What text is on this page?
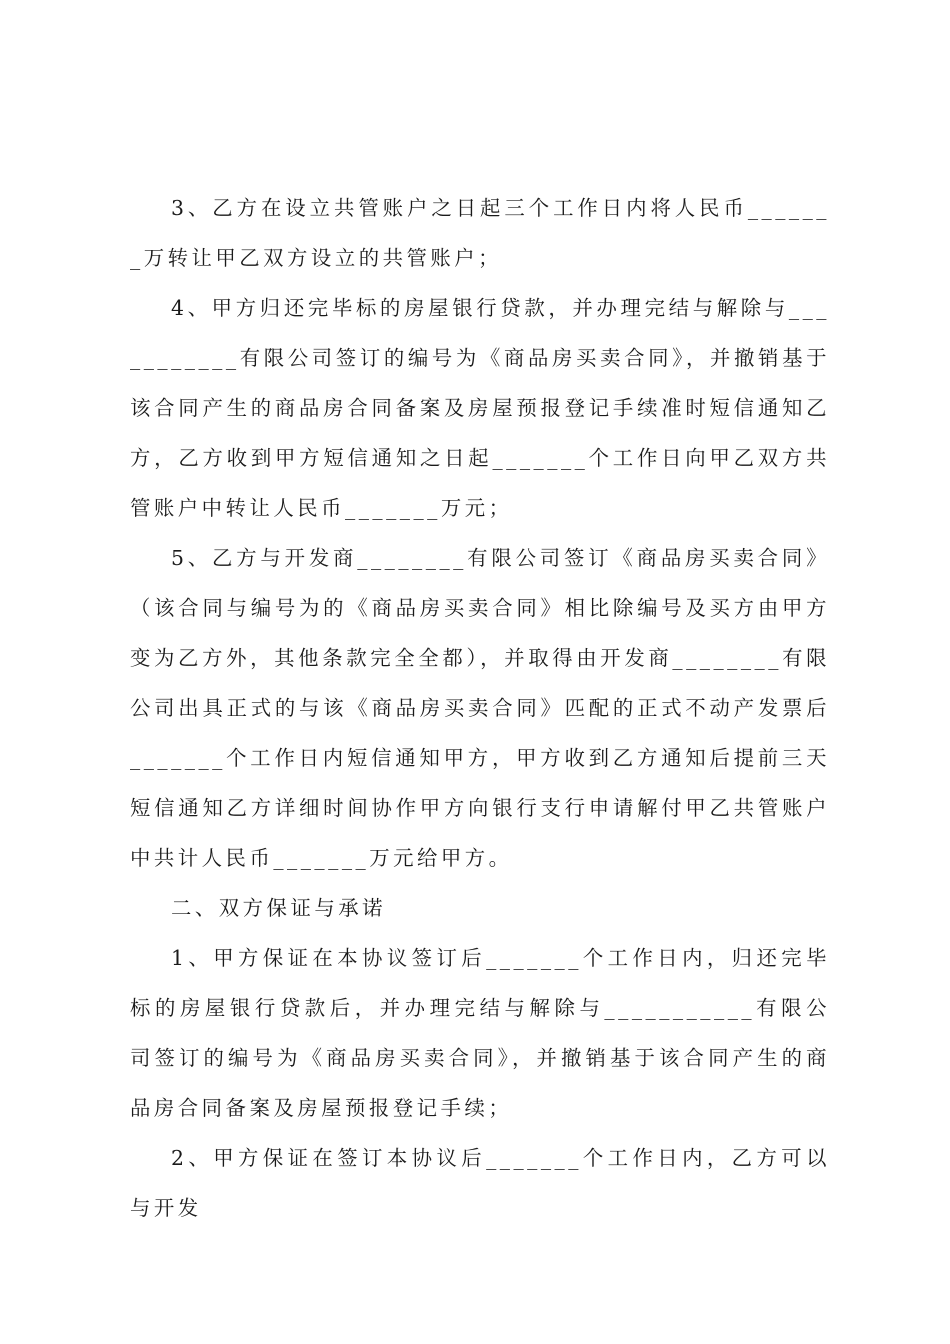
3、乙方在设立共管账户之日起三个工作日内将人民币_______万转让甲乙双方设立的共管账户；

4、甲方归还完毕标的房屋银行贷款，并办理完结与解除与___________有限公司签订的编号为《商品房买卖合同》，并撤销基于该合同产生的商品房合同备案及房屋预报登记手续准时短信通知乙方，乙方收到甲方短信通知之日起_______个工作日向甲乙双方共管账户中转让人民币_______万元；

5、乙方与开发商________有限公司签订《商品房买卖合同》（该合同与编号为的《商品房买卖合同》相比除编号及买方由甲方变为乙方外，其他条款完全全都），并取得由开发商________有限公司出具正式的与该《商品房买卖合同》匹配的正式不动产发票后_______个工作日内短信通知甲方，甲方收到乙方通知后提前三天短信通知乙方详细时间协作甲方向银行支行申请解付甲乙共管账户中共计人民币_______万元给甲方。

二、双方保证与承诺

1、甲方保证在本协议签订后_______个工作日内，归还完毕标的房屋银行贷款后，并办理完结与解除与___________有限公司签订的编号为《商品房买卖合同》，并撤销基于该合同产生的商品房合同备案及房屋预报登记手续；

2、甲方保证在签订本协议后_______个工作日内，乙方可以与开发
